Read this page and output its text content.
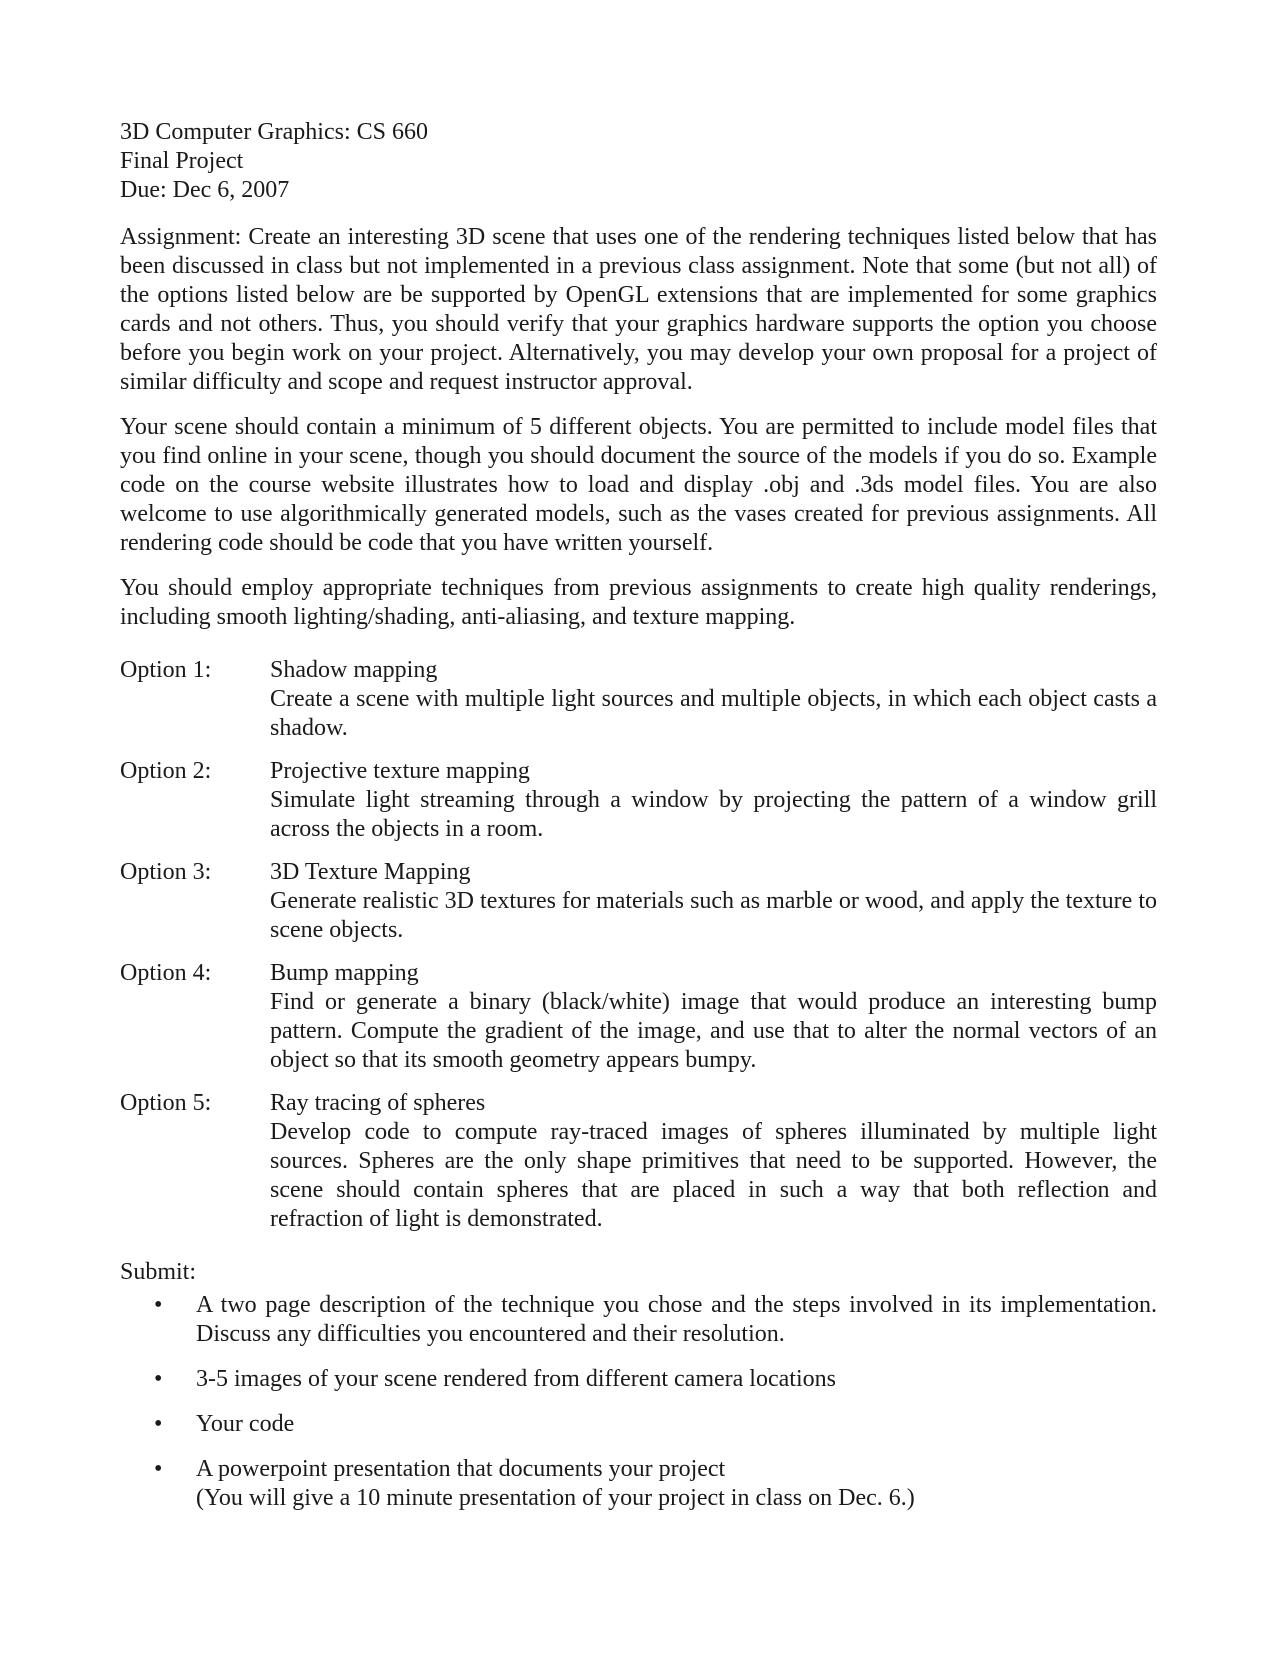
3D Computer Graphics: CS 660
Final Project
Due: Dec 6, 2007

Assignment: Create an interesting 3D scene that uses one of the rendering techniques listed below that has been discussed in class but not implemented in a previous class assignment. Note that some (but not all) of the options listed below are be supported by OpenGL extensions that are implemented for some graphics cards and not others. Thus, you should verify that your graphics hardware supports the option you choose before you begin work on your project. Alternatively, you may develop your own proposal for a project of similar difficulty and scope and request instructor approval.

Your scene should contain a minimum of 5 different objects. You are permitted to include model files that you find online in your scene, though you should document the source of the models if you do so. Example code on the course website illustrates how to load and display .obj and .3ds model files. You are also welcome to use algorithmically generated models, such as the vases created for previous assignments. All rendering code should be code that you have written yourself.

You should employ appropriate techniques from previous assignments to create high quality renderings, including smooth lighting/shading, anti-aliasing, and texture mapping.

Option 1:	Shadow mapping
Create a scene with multiple light sources and multiple objects, in which each object casts a shadow.
Option 2:	Projective texture mapping
Simulate light streaming through a window by projecting the pattern of a window grill across the objects in a room.
Option 3:	3D Texture Mapping
Generate realistic 3D textures for materials such as marble or wood, and apply the texture to scene objects.
Option 4:	Bump mapping
Find or generate a binary (black/white) image that would produce an interesting bump pattern. Compute the gradient of the image, and use that to alter the normal vectors of an object so that its smooth geometry appears bumpy.
Option 5:	Ray tracing of spheres
Develop code to compute ray-traced images of spheres illuminated by multiple light sources. Spheres are the only shape primitives that need to be supported. However, the scene should contain spheres that are placed in such a way that both reflection and refraction of light is demonstrated.
Submit:
•	A two page description of the technique you chose and the steps involved in its implementation. Discuss any difficulties you encountered and their resolution.
•	3-5 images of your scene rendered from different camera locations
•	Your code
•	A powerpoint presentation that documents your project
(You will give a 10 minute presentation of your project in class on Dec. 6.)
